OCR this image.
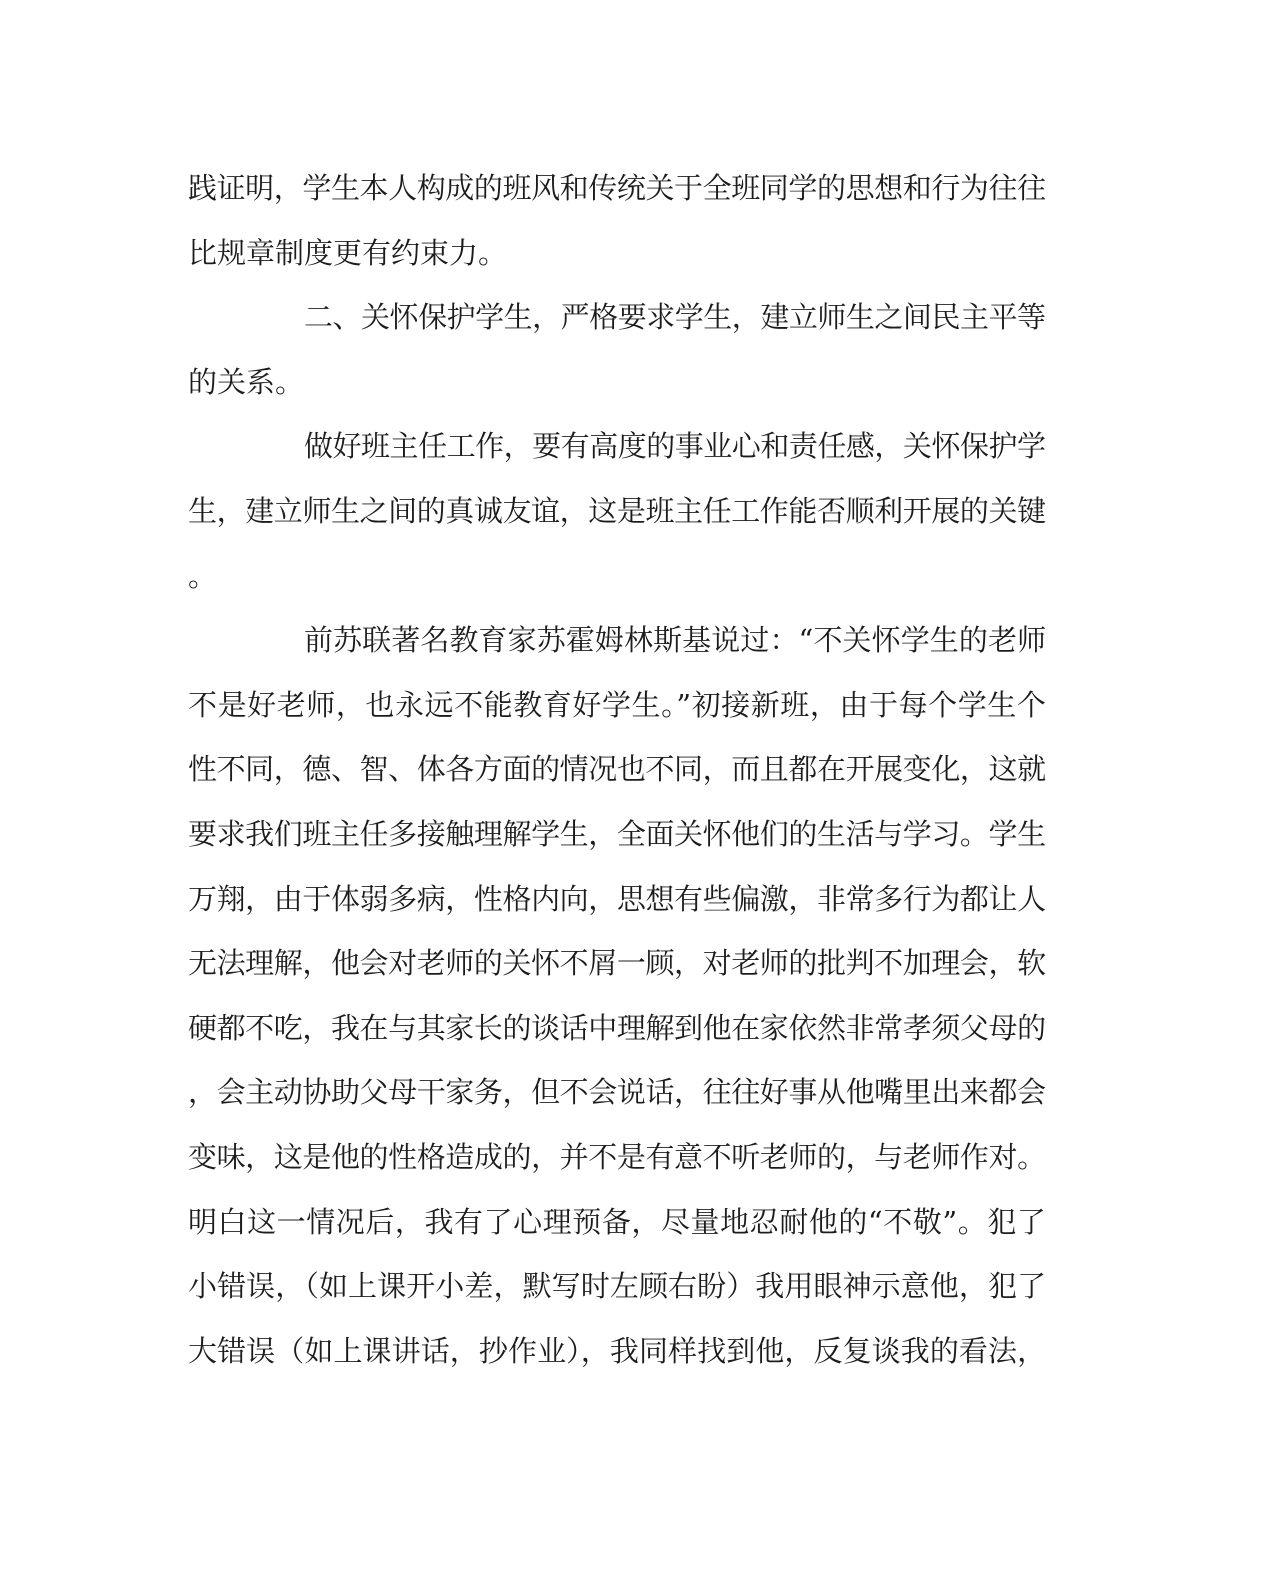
践证明，学生本人构成的班风和传统关于全班同学的思想和行为往往
比规章制度更有约束力。
二、关怀保护学生，严格要求学生，建立师生之间民主平等
的关系。
做好班主任工作，要有高度的事业心和责任感，关怀保护学
生，建立师生之间的真诚友谊，这是班主任工作能否顺利开展的关键
。
前苏联著名教育家苏霍姆林斯基说过：“不关怀学生的老师
不是好老师，也永远不能教育好学生。”初接新班，由于每个学生个
性不同，德、智、体各方面的情况也不同，而且都在开展变化，这就
要求我们班主任多接触理解学生，全面关怀他们的生活与学习。学生
万翔，由于体弱多病，性格内向，思想有些偏激，非常多行为都让人
无法理解，他会对老师的关怀不屑一顾，对老师的批判不加理会，软
硬都不吃，我在与其家长的谈话中理解到他在家依然非常孝须父母的
，会主动协助父母干家务，但不会说话，往往好事从他嘴里出来都会
变味，这是他的性格造成的，并不是有意不听老师的，与老师作对。
明白这一情况后，我有了心理预备，尽量地忍耐他的“不敬”。犯了
小错误，（如上课开小差，默写时左顾右盼）我用眼神示意他，犯了
大错误（如上课讲话，抄作业），我同样找到他，反复谈我的看法，
